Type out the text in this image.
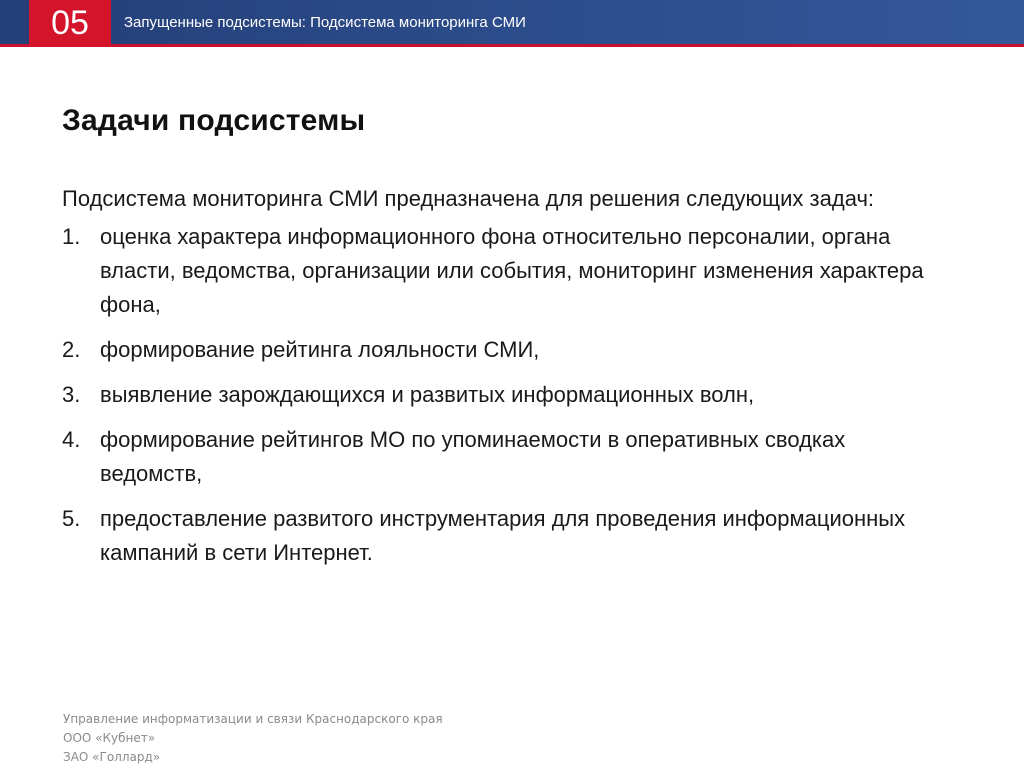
05	Запущенные подсистемы: Подсистема мониторинга СМИ
Задачи подсистемы

Подсистема мониторинга СМИ предназначена для решения следующих задач:

1. оценка характера информационного фона относительно персоналии, органа власти, ведомства, организации или события, мониторинг изменения характера фона,
2. формирование рейтинга лояльности СМИ,
3. выявление зарождающихся и развитых информационных волн,
4. формирование рейтингов МО по упоминаемости в оперативных сводках ведомств,
5. предоставление развитого инструментария для проведения информационных кампаний в сети Интернет.
Управление информатизации и связи Краснодарского края
ООО «Кубнет»
ЗАО «Голлард»
